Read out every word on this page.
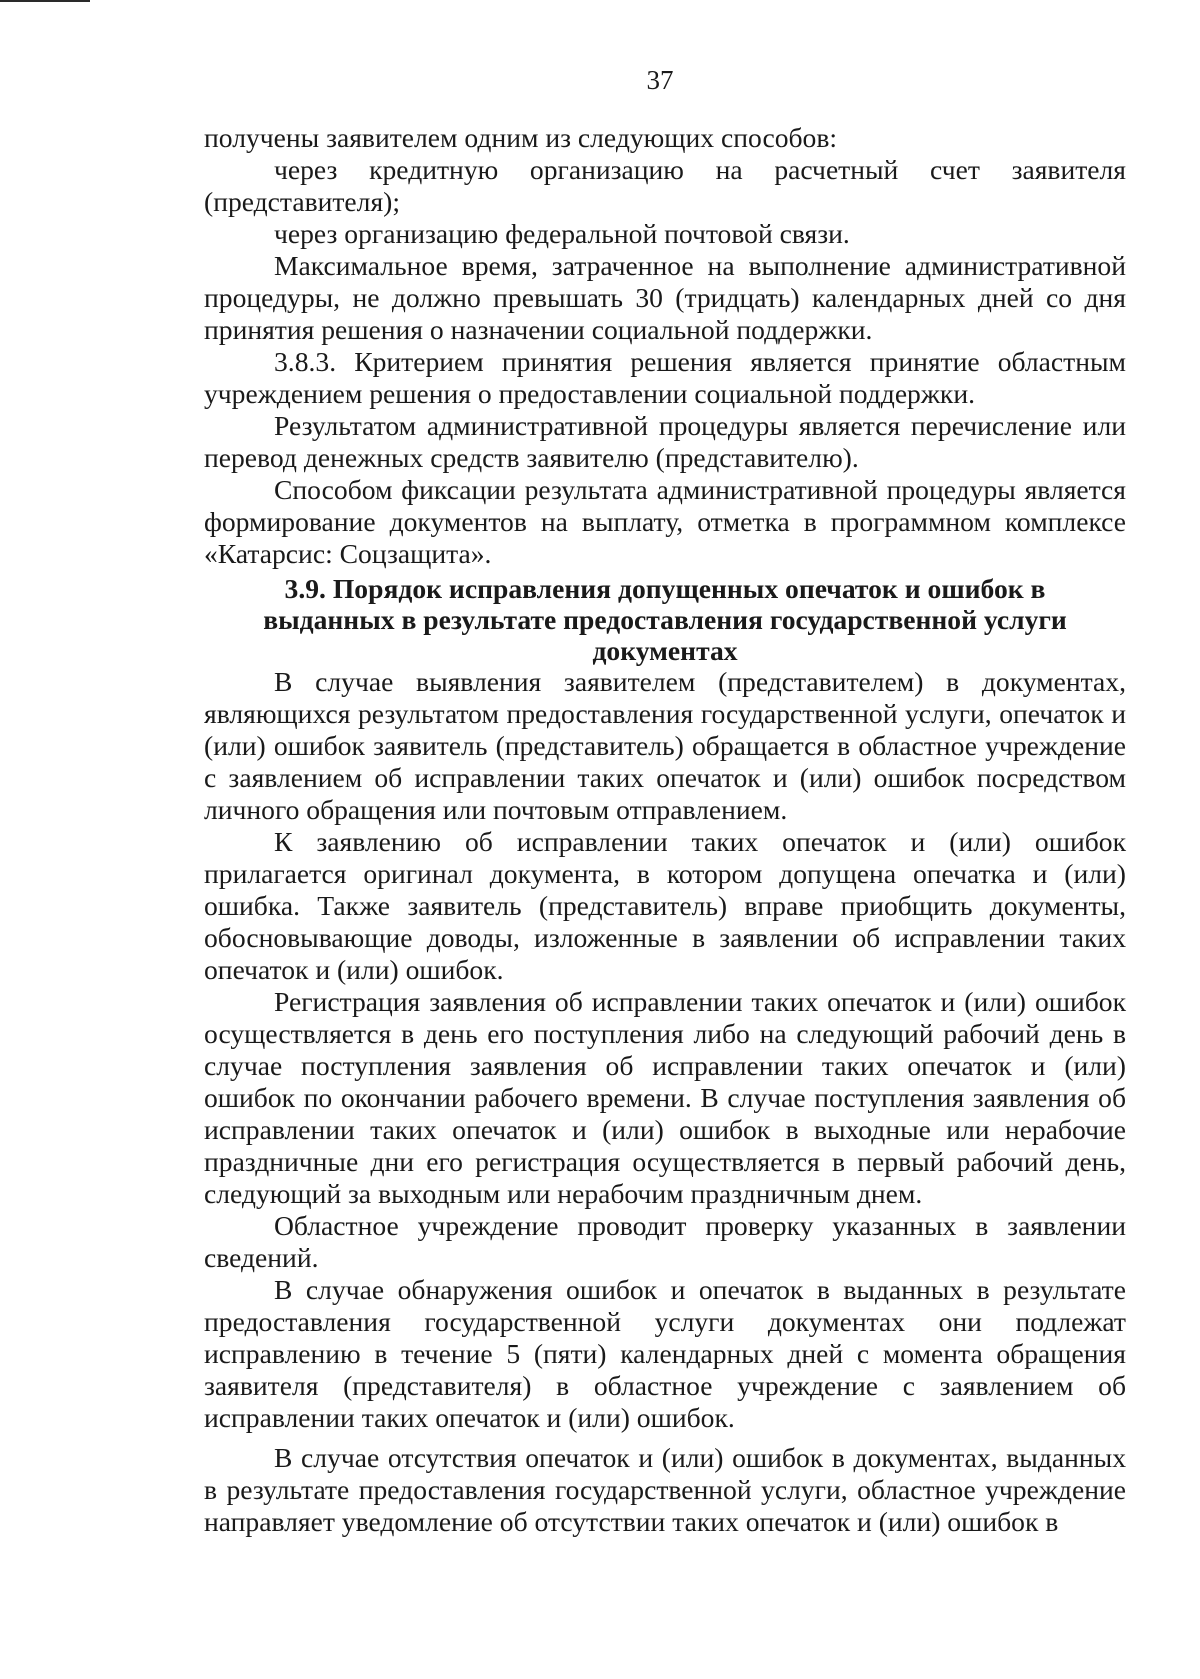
37

получены заявителем одним из следующих способов:

через кредитную организацию на расчетный счет заявителя (представителя);

через организацию федеральной почтовой связи.

Максимальное время, затраченное на выполнение административной процедуры, не должно превышать 30 (тридцать) календарных дней со дня принятия решения о назначении социальной поддержки.

3.8.3. Критерием принятия решения является принятие областным учреждением решения о предоставлении социальной поддержки.

Результатом административной процедуры является перечисление или перевод денежных средств заявителю (представителю).

Способом фиксации результата административной процедуры является формирование документов на выплату, отметка в программном комплексе «Катарсис: Соцзащита».

3.9. Порядок исправления допущенных опечаток и ошибок в выданных в результате предоставления государственной услуги документах

В случае выявления заявителем (представителем) в документах, являющихся результатом предоставления государственной услуги, опечаток и (или) ошибок заявитель (представитель) обращается в областное учреждение с заявлением об исправлении таких опечаток и (или) ошибок посредством личного обращения или почтовым отправлением.

К заявлению об исправлении таких опечаток и (или) ошибок прилагается оригинал документа, в котором допущена опечатка и (или) ошибка. Также заявитель (представитель) вправе приобщить документы, обосновывающие доводы, изложенные в заявлении об исправлении таких опечаток и (или) ошибок.

Регистрация заявления об исправлении таких опечаток и (или) ошибок осуществляется в день его поступления либо на следующий рабочий день в случае поступления заявления об исправлении таких опечаток и (или) ошибок по окончании рабочего времени. В случае поступления заявления об исправлении таких опечаток и (или) ошибок в выходные или нерабочие праздничные дни его регистрация осуществляется в первый рабочий день, следующий за выходным или нерабочим праздничным днем.

Областное учреждение проводит проверку указанных в заявлении сведений.

В случае обнаружения ошибок и опечаток в выданных в результате предоставления государственной услуги документах они подлежат исправлению в течение 5 (пяти) календарных дней с момента обращения заявителя (представителя) в областное учреждение с заявлением об исправлении таких опечаток и (или) ошибок.

В случае отсутствия опечаток и (или) ошибок в документах, выданных в результате предоставления государственной услуги, областное учреждение направляет уведомление об отсутствии таких опечаток и (или) ошибок в
